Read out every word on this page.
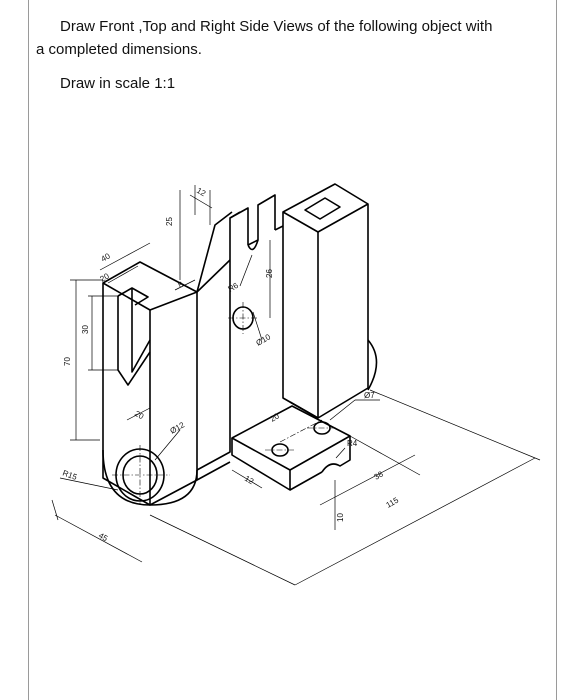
Draw Front ,Top and Right Side Views of the following object with
a completed dimensions.
Draw in scale 1:1
12
25
40
20
8
30
70
26
R6
Ø10
Ø7
20
20
Ø12
R4
R15	12	38
10
115
45
